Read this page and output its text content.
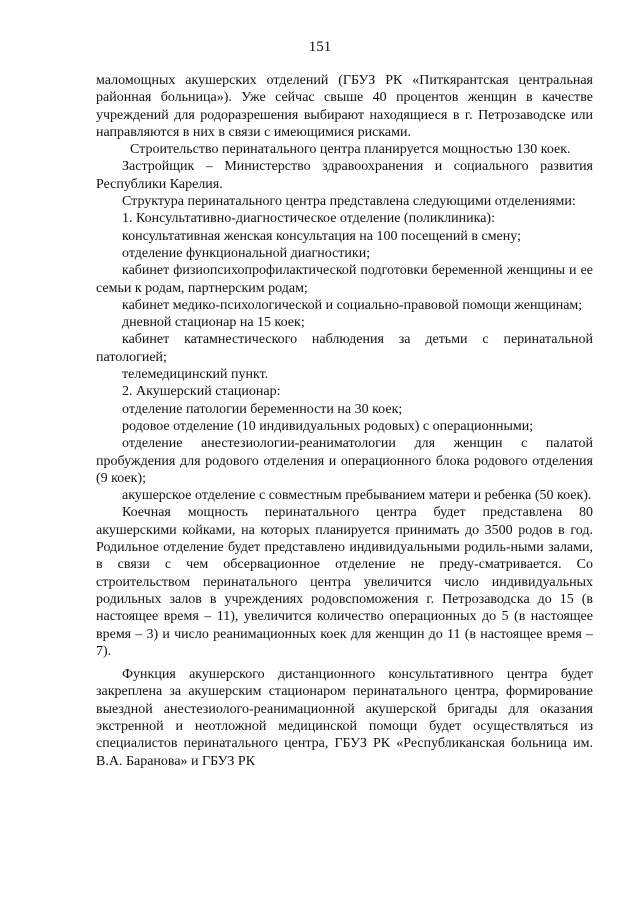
151

маломощных акушерских отделений (ГБУЗ РК «Питкярантская центральная районная больница»). Уже сейчас свыше 40 процентов женщин в качестве учреждений для родоразрешения выбирают находящиеся в г. Петрозаводске или направляются в них в связи с имеющимися рисками.

Строительство перинатального центра планируется мощностью 130 коек.

Застройщик – Министерство здравоохранения и социального развития Республики Карелия.

Структура перинатального центра представлена следующими отделениями:

1. Консультативно-диагностическое отделение (поликлиника):

консультативная женская консультация на 100 посещений в смену;

отделение функциональной диагностики;

кабинет физиопсихопрофилактической подготовки беременной женщины и ее семьи к родам, партнерским родам;

кабинет медико-психологической и социально-правовой помощи женщинам;

дневной стационар на 15 коек;

кабинет катамнестического наблюдения за детьми с перинатальной патологией;

телемедицинский пункт.

2. Акушерский стационар:

отделение патологии беременности на 30 коек;

родовое отделение (10 индивидуальных родовых) с операционными;

отделение анестезиологии-реаниматологии для женщин с палатой пробуждения для родового отделения и операционного блока родового отделения (9 коек);

акушерское отделение с совместным пребыванием матери и ребенка (50 коек).

Коечная мощность перинатального центра будет представлена 80 акушерскими койками, на которых планируется принимать до 3500 родов в год. Родильное отделение будет представлено индивидуальными родиль-ными залами, в связи с чем обсервационное отделение не преду-сматривается. Со строительством перинатального центра увеличится число индивидуальных родильных залов в учреждениях родовспоможения г. Петрозаводска до 15 (в настоящее время – 11), увеличится количество операционных до 5 (в настоящее время – 3) и число реанимационных коек для женщин до 11 (в настоящее время – 7).

Функция акушерского дистанционного консультативного центра будет закреплена за акушерским стационаром перинатального центра, формирование выездной анестезиолого-реанимационной акушерской бригады для оказания экстренной и неотложной медицинской помощи будет осуществляться из специалистов перинатального центра, ГБУЗ РК «Республиканская больница им. В.А. Баранова» и ГБУЗ РК
